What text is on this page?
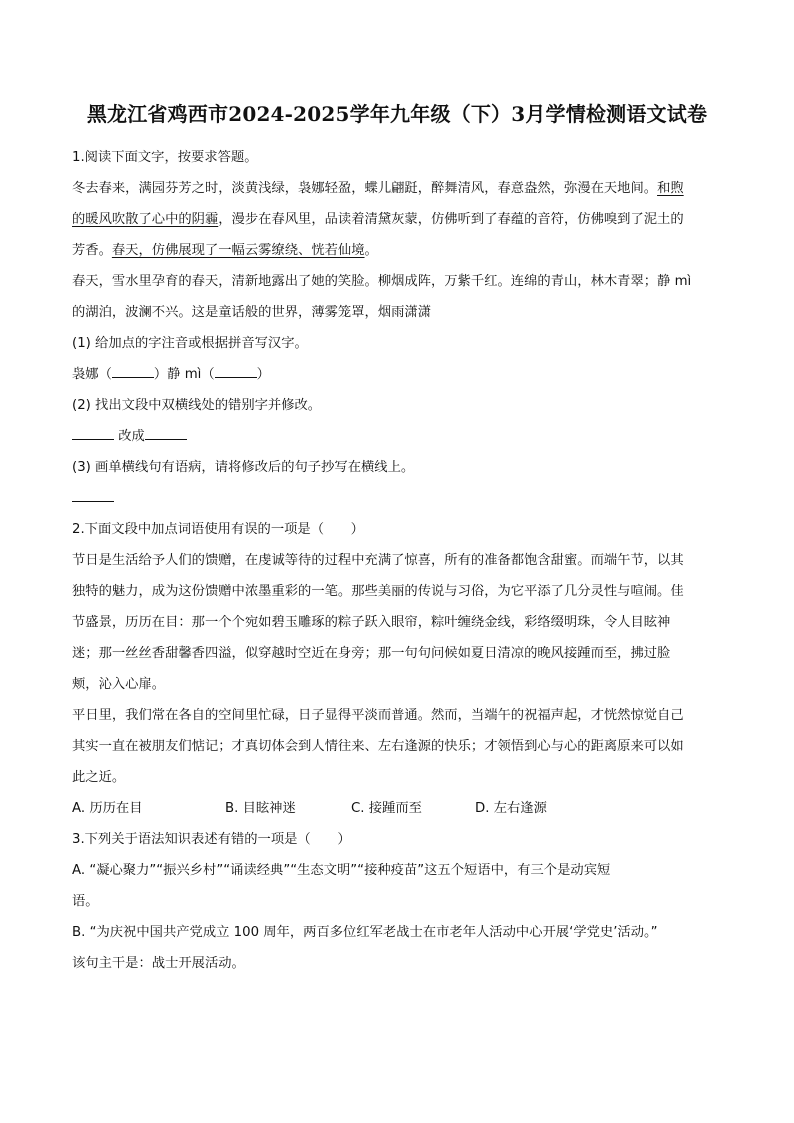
黑龙江省鸡西市2024-2025学年九年级（下）3月学情检测语文试卷
1.阅读下面文字，按要求答题。
冬去春来，满园芬芳之时，淡黄浅绿，袅娜轻盈，蝶儿翩跹，醉舞清风，春意盎然，弥漫在天地间。和煦
的暖风吹散了心中的阴霾，漫步在春风里，品读着清黛灰蒙，仿佛听到了春蕴的音符，仿佛嗅到了泥土的
芳香。春天，仿佛展现了一幅云雾缭绕、恍若仙境。
春天，雪水里孕育的春天，清新地露出了她的笑脸。柳烟成阵，万紫千红。连绵的青山，林木青翠；静 mì
的湖泊，波澜不兴。这是童话般的世界，薄雾笼罩，烟雨潇潇
(1) 给加点的字注音或根据拼音写汉字。
袅娜（	）静 mì（	）
(2) 找出文段中双横线处的错别字并修改。
改成
(3) 画单横线句有语病，请将修改后的句子抄写在横线上。
2.下面文段中加点词语使用有误的一项是（　　）
节日是生活给予人们的馈赠，在虔诚等待的过程中充满了惊喜，所有的准备都饱含甜蜜。而端午节，以其
独特的魅力，成为这份馈赠中浓墨重彩的一笔。那些美丽的传说与习俗，为它平添了几分灵性与喧闹。佳
节盛景，历历在目：那一个个宛如碧玉雕琢的粽子跃入眼帘，粽叶缠绕金线，彩络缀明珠，令人目眩神
迷；那一丝丝香甜馨香四溢，似穿越时空近在身旁；那一句句问候如夏日清凉的晚风接踵而至，拂过脸
颊，沁入心扉。
平日里，我们常在各自的空间里忙碌，日子显得平淡而普通。然而，当端午的祝福声起，才恍然惊觉自己
其实一直在被朋友们惦记；才真切体会到人情往来、左右逢源的快乐；才领悟到心与心的距离原来可以如
此之近。
A. 历历在目	B. 目眩神迷	C. 接踵而至	D. 左右逢源
3.下列关于语法知识表述有错的一项是（　　）
A. “凝心聚力”“振兴乡村”“诵读经典”“生态文明”“接种疫苗”这五个短语中，有三个是动宾短
语。
B. “为庆祝中国共产党成立 100 周年，两百多位红军老战士在市老年人活动中心开展‘学党史’活动。”
该句主干是：战士开展活动。
